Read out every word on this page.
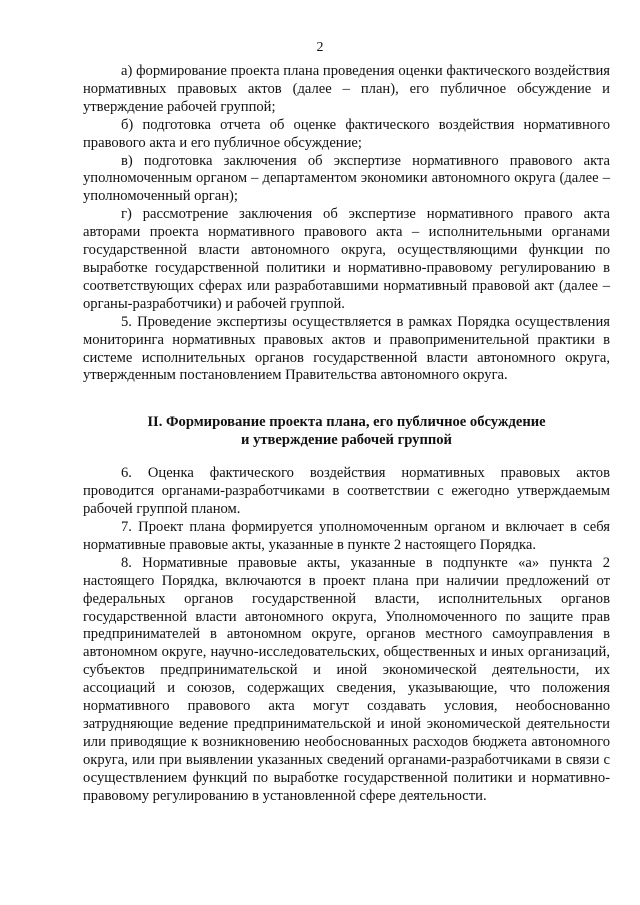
2

а) формирование проекта плана проведения оценки фактического воздействия нормативных правовых актов (далее – план), его публичное обсуждение и утверждение рабочей группой;

б) подготовка отчета об оценке фактического воздействия нормативного правового акта и его публичное обсуждение;

в) подготовка заключения об экспертизе нормативного правового акта уполномоченным органом – департаментом экономики автономного округа (далее – уполномоченный орган);

г) рассмотрение заключения об экспертизе нормативного правого акта авторами проекта нормативного правового акта – исполнительными органами государственной власти автономного округа, осуществляющими функции по выработке государственной политики и нормативно-правовому регулированию в соответствующих сферах или разработавшими нормативный правовой акт (далее – органы-разработчики) и рабочей группой.

5. Проведение экспертизы осуществляется в рамках Порядка осуществления мониторинга нормативных правовых актов и правоприменительной практики в системе исполнительных органов государственной власти автономного округа, утвержденным постановлением Правительства автономного округа.

II. Формирование проекта плана, его публичное обсуждение
и утверждение рабочей группой

6. Оценка фактического воздействия нормативных правовых актов проводится органами-разработчиками в соответствии с ежегодно утверждаемым рабочей группой планом.

7. Проект плана формируется уполномоченным органом и включает в себя нормативные правовые акты, указанные в пункте 2 настоящего Порядка.

8. Нормативные правовые акты, указанные в подпункте «а» пункта 2 настоящего Порядка, включаются в проект плана при наличии предложений от федеральных органов государственной власти, исполнительных органов государственной власти автономного округа, Уполномоченного по защите прав предпринимателей в автономном округе, органов местного самоуправления в автономном округе, научно-исследовательских, общественных и иных организаций, субъектов предпринимательской и иной экономической деятельности, их ассоциаций и союзов, содержащих сведения, указывающие, что положения нормативного правового акта могут создавать условия, необоснованно затрудняющие ведение предпринимательской и иной экономической деятельности или приводящие к возникновению необоснованных расходов бюджета автономного округа, или при выявлении указанных сведений органами-разработчиками в связи с осуществлением функций по выработке государственной политики и нормативно-правовому регулированию в установленной сфере деятельности.
